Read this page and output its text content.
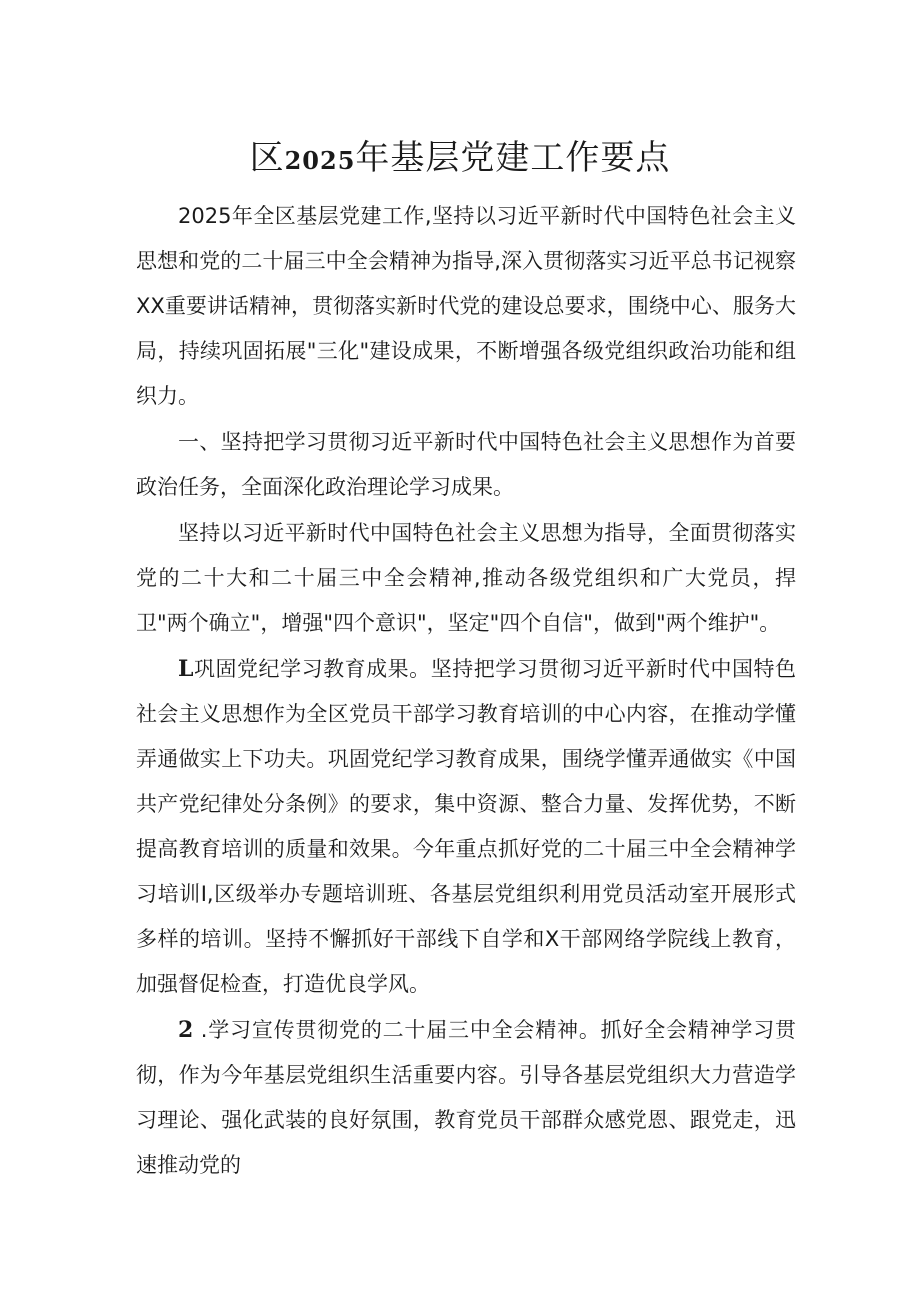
区2025年基层党建工作要点

2025年全区基层党建工作,坚持以习近平新时代中国特色社会主义思想和党的二十届三中全会精神为指导,深入贯彻落实习近平总书记视察XX重要讲话精神，贯彻落实新时代党的建设总要求，围绕中心、服务大局，持续巩固拓展"三化"建设成果，不断增强各级党组织政治功能和组织力。

一、坚持把学习贯彻习近平新时代中国特色社会主义思想作为首要政治任务，全面深化政治理论学习成果。

坚持以习近平新时代中国特色社会主义思想为指导，全面贯彻落实党的二十大和二十届三中全会精神,推动各级党组织和广大党员，捍卫"两个确立"，增强"四个意识"，坚定"四个自信"，做到"两个维护"。

L巩固党纪学习教育成果。坚持把学习贯彻习近平新时代中国特色社会主义思想作为全区党员干部学习教育培训的中心内容，在推动学懂弄通做实上下功夫。巩固党纪学习教育成果，围绕学懂弄通做实《中国共产党纪律处分条例》的要求，集中资源、整合力量、发挥优势，不断提高教育培训的质量和效果。今年重点抓好党的二十届三中全会精神学习培训I,区级举办专题培训班、各基层党组织利用党员活动室开展形式多样的培训。坚持不懈抓好干部线下自学和X干部网络学院线上教育，加强督促检查，打造优良学风。

2 .学习宣传贯彻党的二十届三中全会精神。抓好全会精神学习贯彻，作为今年基层党组织生活重要内容。引导各基层党组织大力营造学习理论、强化武装的良好氛围，教育党员干部群众感党恩、跟党走，迅速推动党的
